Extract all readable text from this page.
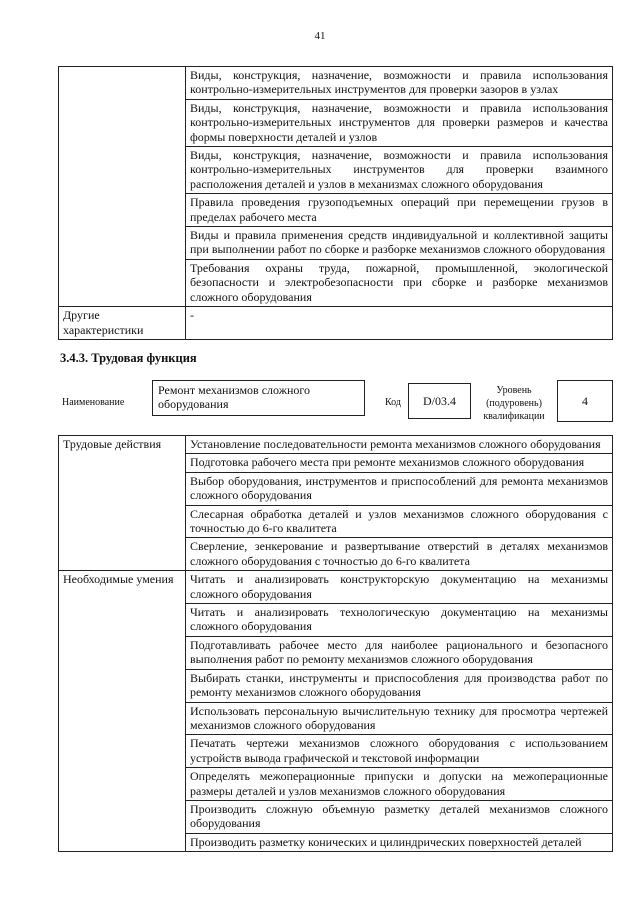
41
	Виды, конструкция, назначение, возможности и правила использования контрольно-измерительных инструментов для проверки зазоров в узлах
	Виды, конструкция, назначение, возможности и правила использования контрольно-измерительных инструментов для проверки размеров и качества формы поверхности деталей и узлов
	Виды, конструкция, назначение, возможности и правила использования контрольно-измерительных инструментов для проверки взаимного расположения деталей и узлов в механизмах сложного оборудования
	Правила проведения грузоподъемных операций при перемещении грузов в пределах рабочего места
	Виды и правила применения средств индивидуальной и коллективной защиты при выполнении работ по сборке и разборке механизмов сложного оборудования
	Требования охраны труда, пожарной, промышленной, экологической безопасности и электробезопасности при сборке и разборке механизмов сложного оборудования
Другие характеристики	-
3.4.3. Трудовая функция
Наименование
Ремонт механизмов сложного оборудования	Код	D/03.4
Уровень (подуровень) квалификации
4
Трудовые действия	Установление последовательности ремонта механизмов сложного оборудования
	Подготовка рабочего места при ремонте механизмов сложного оборудования
	Выбор оборудования, инструментов и приспособлений для ремонта механизмов сложного оборудования
	Слесарная обработка деталей и узлов механизмов сложного оборудования с точностью до 6-го квалитета
	Сверление, зенкерование и развертывание отверстий в деталях механизмов сложного оборудования с точностью до 6-го квалитета
Необходимые умения	Читать и анализировать конструкторскую документацию на механизмы сложного оборудования
	Читать и анализировать технологическую документацию на механизмы сложного оборудования
	Подготавливать рабочее место для наиболее рационального и безопасного выполнения работ по ремонту механизмов сложного оборудования
	Выбирать станки, инструменты и приспособления для производства работ по ремонту механизмов сложного оборудования
	Использовать персональную вычислительную технику для просмотра чертежей механизмов сложного оборудования
	Печатать чертежи механизмов сложного оборудования с использованием устройств вывода графической и текстовой информации
	Определять межоперационные припуски и допуски на межоперационные размеры деталей и узлов механизмов сложного оборудования
	Производить сложную объемную разметку деталей механизмов сложного оборудования
	Производить разметку конических и цилиндрических поверхностей деталей
